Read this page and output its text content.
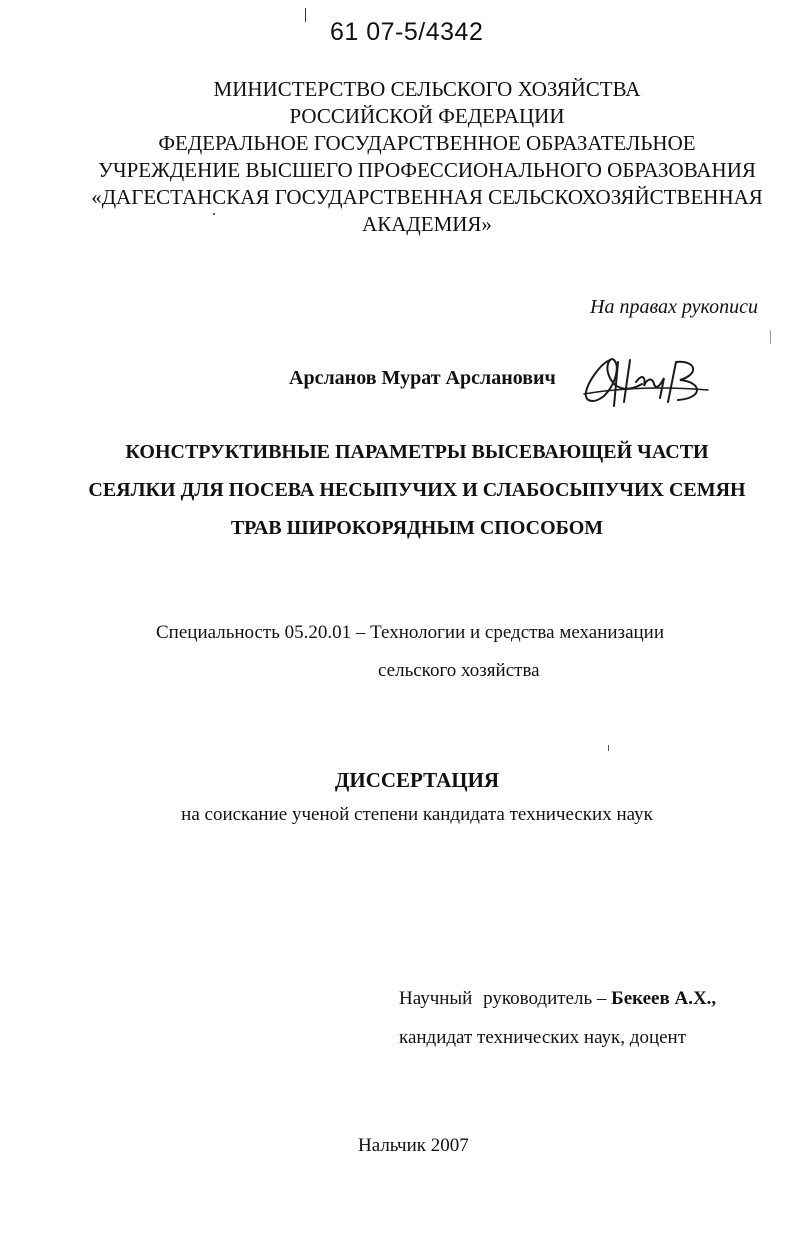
61 07-5/4342
МИНИСТЕРСТВО СЕЛЬСКОГО ХОЗЯЙСТВА
РОССИЙСКОЙ ФЕДЕРАЦИИ
ФЕДЕРАЛЬНОЕ ГОСУДАРСТВЕННОЕ ОБРАЗАТЕЛЬНОЕ
УЧРЕЖДЕНИЕ ВЫСШЕГО ПРОФЕССИОНАЛЬНОГО ОБРАЗОВАНИЯ
«ДАГЕСТАНСКАЯ ГОСУДАРСТВЕННАЯ СЕЛЬСКОХОЗЯЙСТВЕННАЯ
АКАДЕМИЯ»
На правах рукописи
Арсланов Мурат Арсланович
КОНСТРУКТИВНЫЕ ПАРАМЕТРЫ ВЫСЕВАЮЩЕЙ ЧАСТИ
СЕЯЛКИ ДЛЯ ПОСЕВА НЕСЫПУЧИХ И СЛАБОСЫПУЧИХ СЕМЯН
ТРАВ ШИРОКОРЯДНЫМ СПОСОБОМ
Специальность 05.20.01 – Технологии и средства механизации
сельского хозяйства
ДИССЕРТАЦИЯ
на соискание ученой степени кандидата технических наук
Научный руководитель – Бекеев А.Х.,
кандидат технических наук, доцент
Нальчик 2007
